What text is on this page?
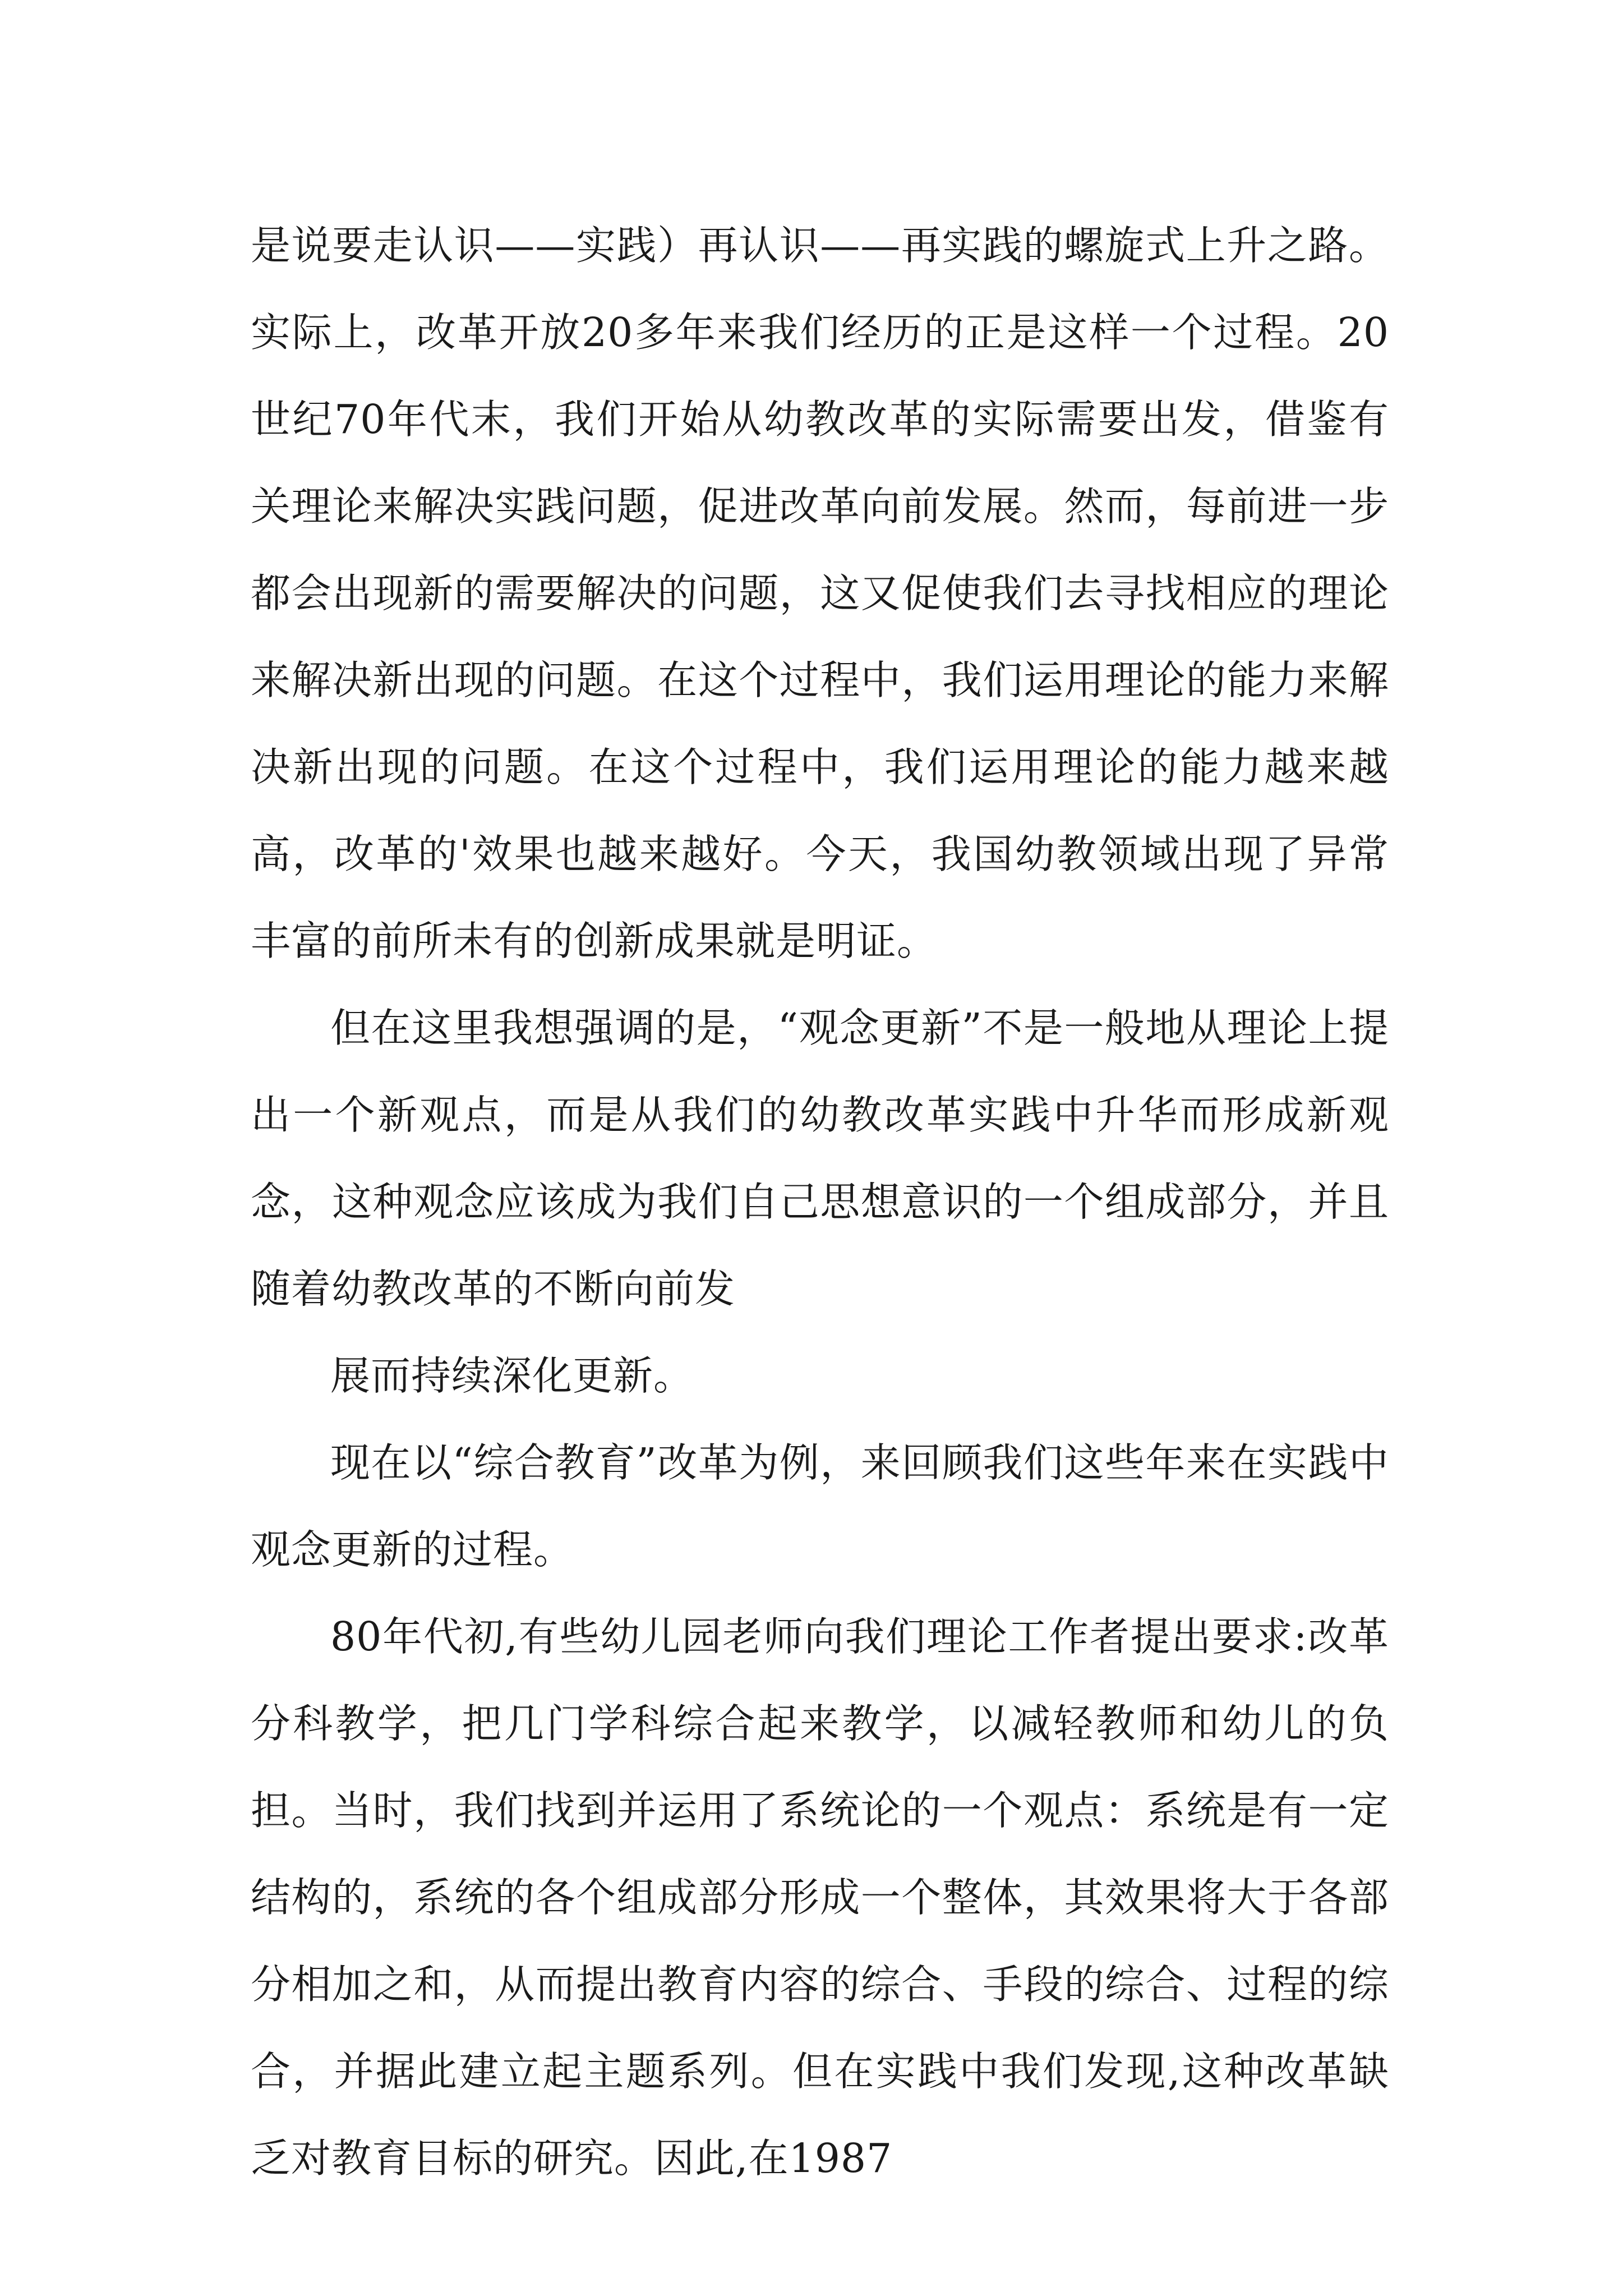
是说要走认识——实践）再认识——再实践的螺旋式上升之路。实际上，改革开放20多年来我们经历的正是这样一个过程。20世纪70年代末，我们开始从幼教改革的实际需要出发，借鉴有关理论来解决实践问题，促进改革向前发展。然而，每前进一步都会出现新的需要解决的问题，这又促使我们去寻找相应的理论来解决新出现的问题。在这个过程中，我们运用理论的能力来解决新出现的问题。在这个过程中，我们运用理论的能力越来越高，改革的'效果也越来越好。今天，我国幼教领域出现了异常丰富的前所未有的创新成果就是明证。

但在这里我想强调的是，“观念更新”不是一般地从理论上提出一个新观点，而是从我们的幼教改革实践中升华而形成新观念，这种观念应该成为我们自己思想意识的一个组成部分，并且随着幼教改革的不断向前发

展而持续深化更新。

现在以“综合教育”改革为例，来回顾我们这些年来在实践中观念更新的过程。

80年代初,有些幼儿园老师向我们理论工作者提出要求:改革分科教学，把几门学科综合起来教学，以减轻教师和幼儿的负担。当时，我们找到并运用了系统论的一个观点：系统是有一定结构的，系统的各个组成部分形成一个整体，其效果将大于各部分相加之和，从而提出教育内容的综合、手段的综合、过程的综合，并据此建立起主题系列。但在实践中我们发现,这种改革缺乏对教育目标的研究。因此,在1987
